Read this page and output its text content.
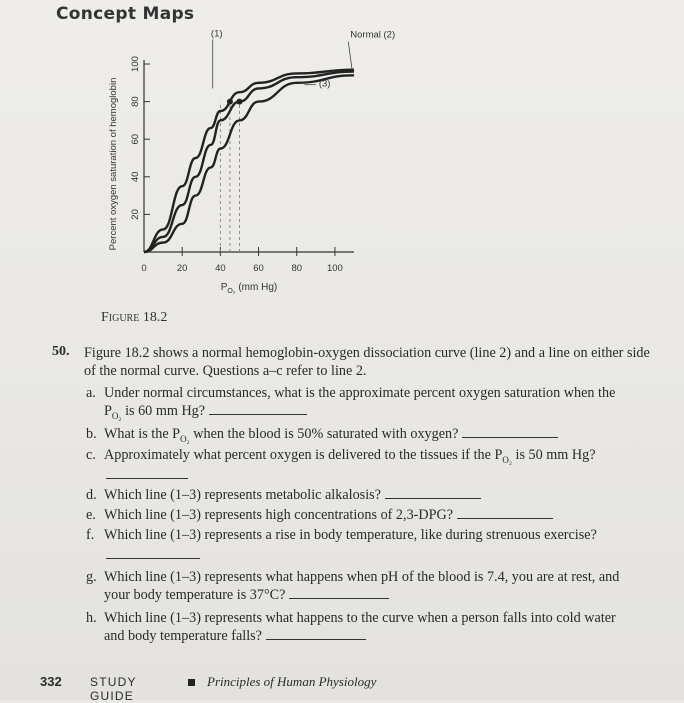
Concept Maps
0	20	40	60	80	100
20
40
60
80
100
Percent oxygen saturation of hemoglobin
$P_{O_2}$ (mm Hg)
(1)	Normal (2)
(3)
Figure 18.2
50. Figure 18.2 shows a normal hemoglobin-oxygen dissociation curve (line 2) and a line on either side of the normal curve. Questions a–c refer to line 2.
a. Under normal circumstances, what is the approximate percent oxygen saturation when the
$P_{O_2}$ is 60 mm Hg?
b. What is the $P_{O_2}$ when the blood is 50% saturated with oxygen?
c. Approximately what percent oxygen is delivered to the tissues if the $P_{O_2}$ is 50 mm Hg?
d. Which line (1–3) represents metabolic alkalosis?
e. Which line (1–3) represents high concentrations of 2,3-DPG?
f. Which line (1–3) represents a rise in body temperature, like during strenuous exercise?
g. Which line (1–3) represents what happens when pH of the blood is 7.4, you are at rest, and
your body temperature is 37°C?
h. Which line (1–3) represents what happens to the curve when a person falls into cold water
and body temperature falls?
332 STUDY GUIDE
Principles of Human Physiology
